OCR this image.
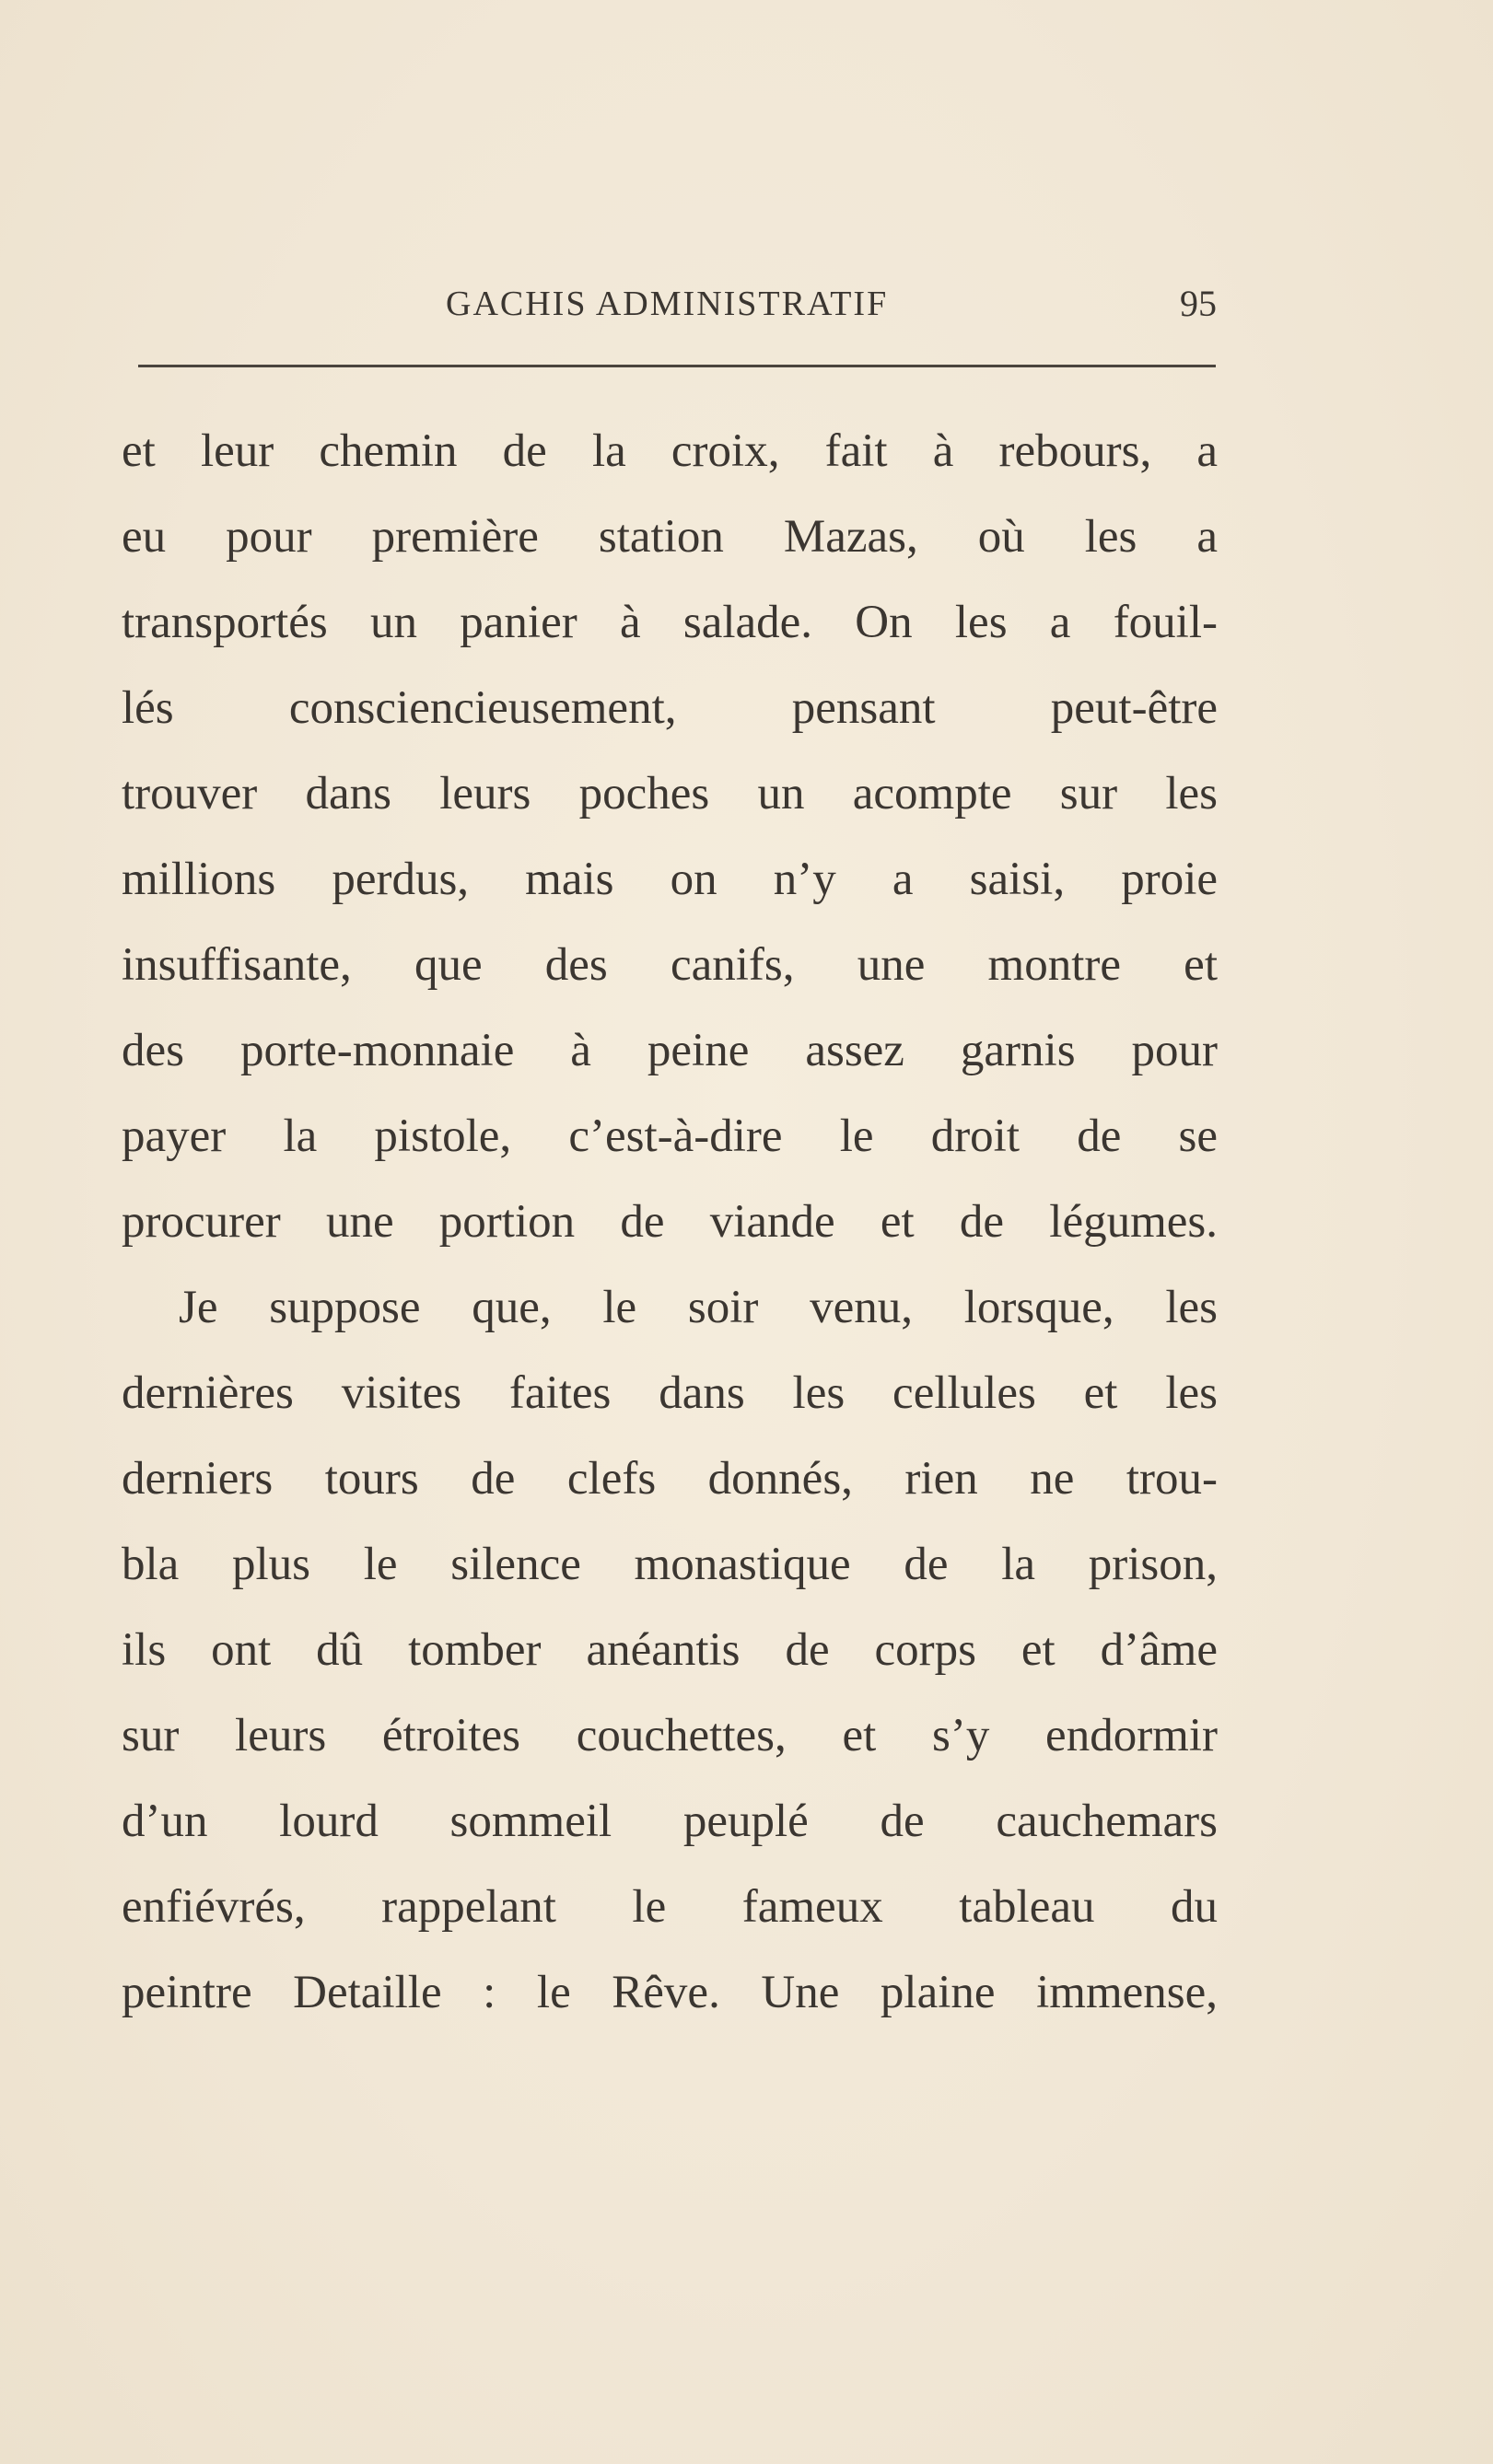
GACHIS ADMINISTRATIF	95
et leur chemin de la croix, fait à rebours, a
eu pour première station Mazas, où les a
transportés un panier à salade. On les a fouil-
lés consciencieusement, pensant peut-être
trouver dans leurs poches un acompte sur les
millions perdus, mais on n’y a saisi, proie
insuffisante, que des canifs, une montre et
des porte-monnaie à peine assez garnis pour
payer la pistole, c’est-à-dire le droit de se
procurer une portion de viande et de légumes.
Je suppose que, le soir venu, lorsque, les
dernières visites faites dans les cellules et les
derniers tours de clefs donnés, rien ne trou-
bla plus le silence monastique de la prison,
ils ont dû tomber anéantis de corps et d’âme
sur leurs étroites couchettes, et s’y endormir
d’un lourd sommeil peuplé de cauchemars
enfiévrés, rappelant le fameux tableau du
peintre Detaille : le Rêve. Une plaine immense,
